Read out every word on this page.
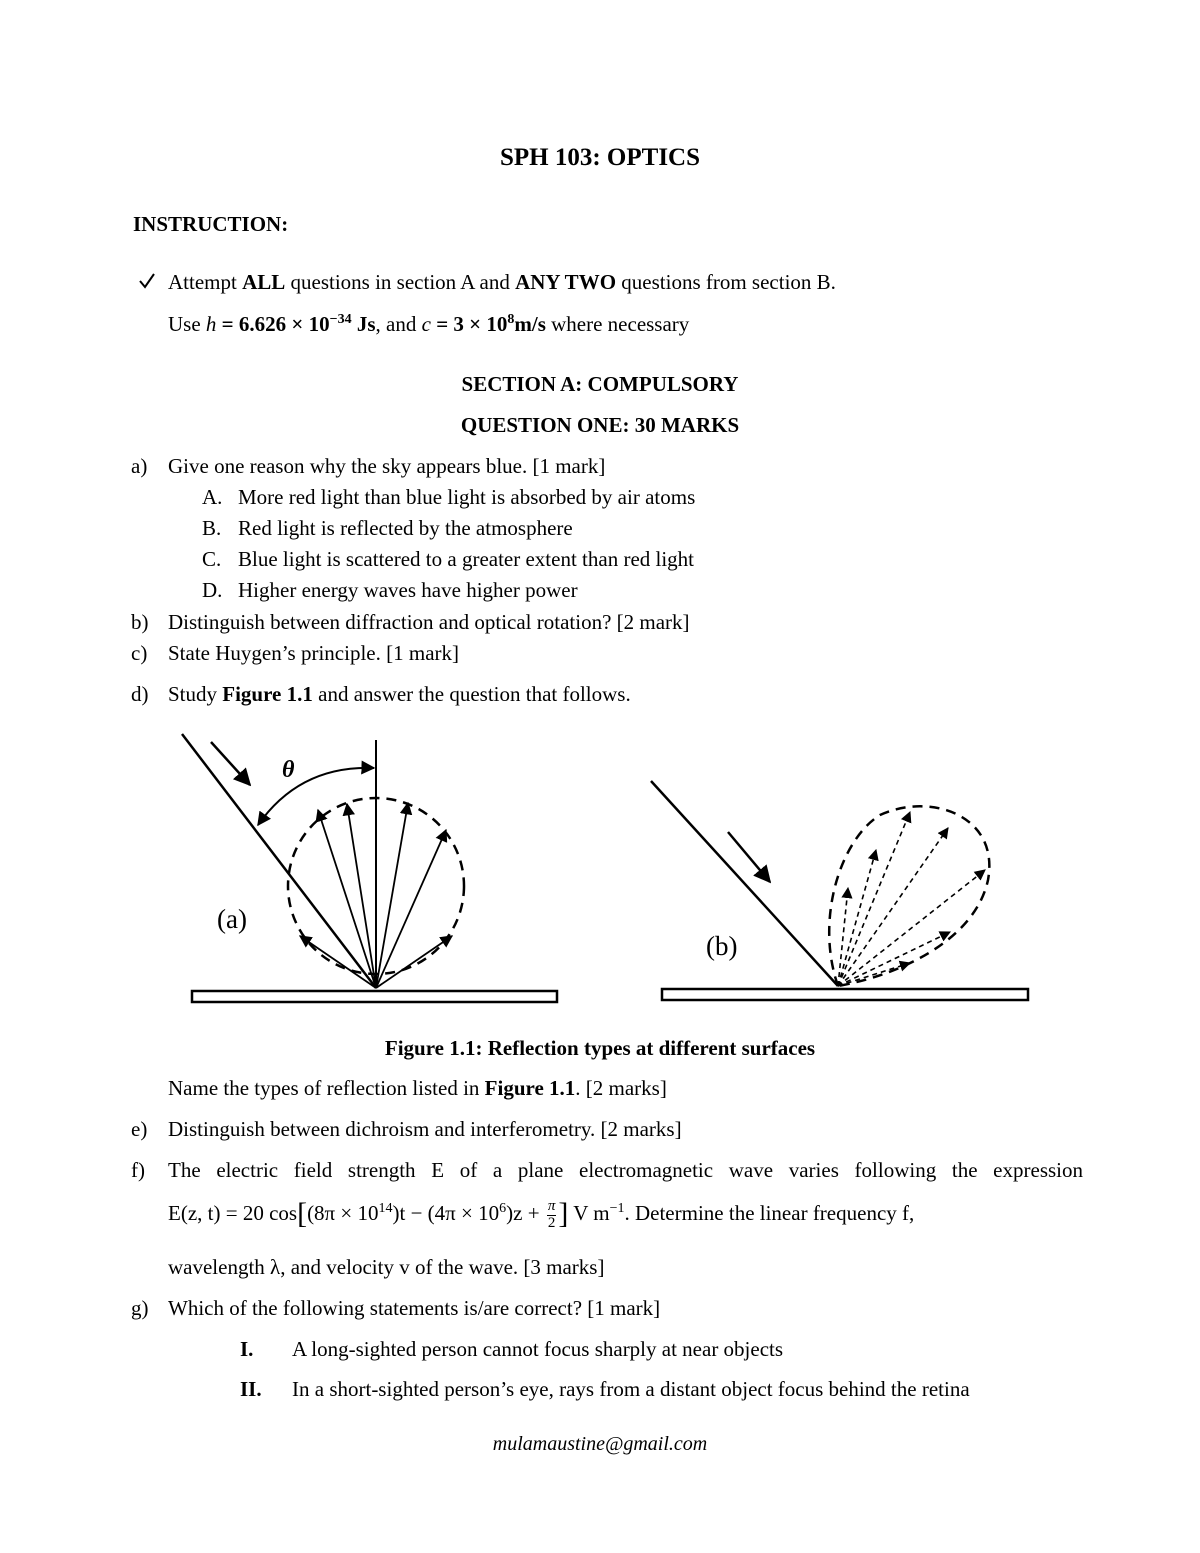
SPH 103: OPTICS
INSTRUCTION:
Attempt ALL questions in section A and ANY TWO questions from section B.
Use $h = 6.626 \times 10^{-34}$ Js, and $c = 3 \times 10^8m/s$ where necessary
SECTION A: COMPULSORY
QUESTION ONE: 30 MARKS
a) Give one reason why the sky appears blue. [1 mark]
A. More red light than blue light is absorbed by air atoms
B. Red light is reflected by the atmosphere
C. Blue light is scattered to a greater extent than red light
D. Higher energy waves have higher power
b) Distinguish between diffraction and optical rotation? [2 mark]
c) State Huygen’s principle. [1 mark]
d) Study Figure 1.1 and answer the question that follows.
θ
(a)
(b)
Figure 1.1: Reflection types at different surfaces
Name the types of reflection listed in Figure 1.1. [2 marks]
e) Distinguish between dichroism and interferometry. [2 marks]
f) The electric field strength E of a plane electromagnetic wave varies following the expression
E(z, t) = 20 $\cos[(8\pi \times 10^{14})t - (4\pi \times 10^6)z + \frac{\pi}{2}$ ] V $m^{-1}$. Determine the linear frequency f,
wavelength λ, and velocity v of the wave. [3 marks]
g) Which of the following statements is/are correct? [1 mark]
I. A long-sighted person cannot focus sharply at near objects
II. In a short-sighted person’s eye, rays from a distant object focus behind the retina
mulamaustine@gmail.com
